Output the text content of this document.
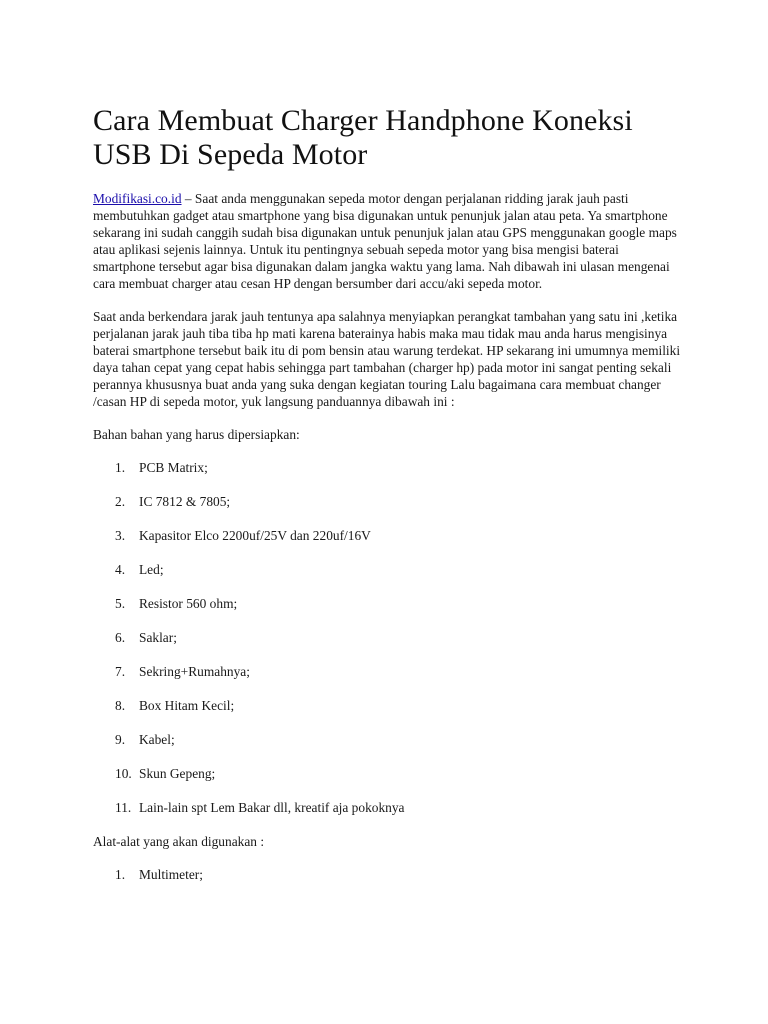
Cara Membuat Charger Handphone Koneksi USB Di Sepeda Motor

Modifikasi.co.id – Saat anda menggunakan sepeda motor dengan perjalanan ridding jarak jauh pasti membutuhkan gadget atau smartphone yang bisa digunakan untuk penunjuk jalan atau peta. Ya smartphone sekarang ini sudah canggih sudah bisa digunakan untuk penunjuk jalan atau GPS menggunakan google maps atau aplikasi sejenis lainnya. Untuk itu pentingnya sebuah sepeda motor yang bisa mengisi baterai smartphone tersebut agar bisa digunakan dalam jangka waktu yang lama. Nah dibawah ini ulasan mengenai cara membuat charger atau cesan HP dengan bersumber dari accu/aki sepeda motor.

Saat anda berkendara jarak jauh tentunya apa salahnya menyiapkan perangkat tambahan yang satu ini ,ketika perjalanan jarak jauh tiba tiba hp mati karena baterainya habis maka mau tidak mau anda harus mengisinya baterai smartphone tersebut baik itu di pom bensin atau warung terdekat. HP sekarang ini umumnya memiliki daya tahan cepat yang cepat habis sehingga part tambahan (charger hp) pada motor ini sangat penting sekali perannya khususnya buat anda yang suka dengan kegiatan touring Lalu bagaimana cara membuat changer /casan HP di sepeda motor, yuk langsung panduannya dibawah ini :

Bahan bahan yang harus dipersiapkan:

1. PCB Matrix;
2. IC 7812 & 7805;
3. Kapasitor Elco 2200uf/25V dan 220uf/16V
4. Led;
5. Resistor 560 ohm;
6. Saklar;
7. Sekring+Rumahnya;
8. Box Hitam Kecil;
9. Kabel;
10. Skun Gepeng;
11. Lain-lain spt Lem Bakar dll, kreatif aja pokoknya

Alat-alat yang akan digunakan :

1. Multimeter;
